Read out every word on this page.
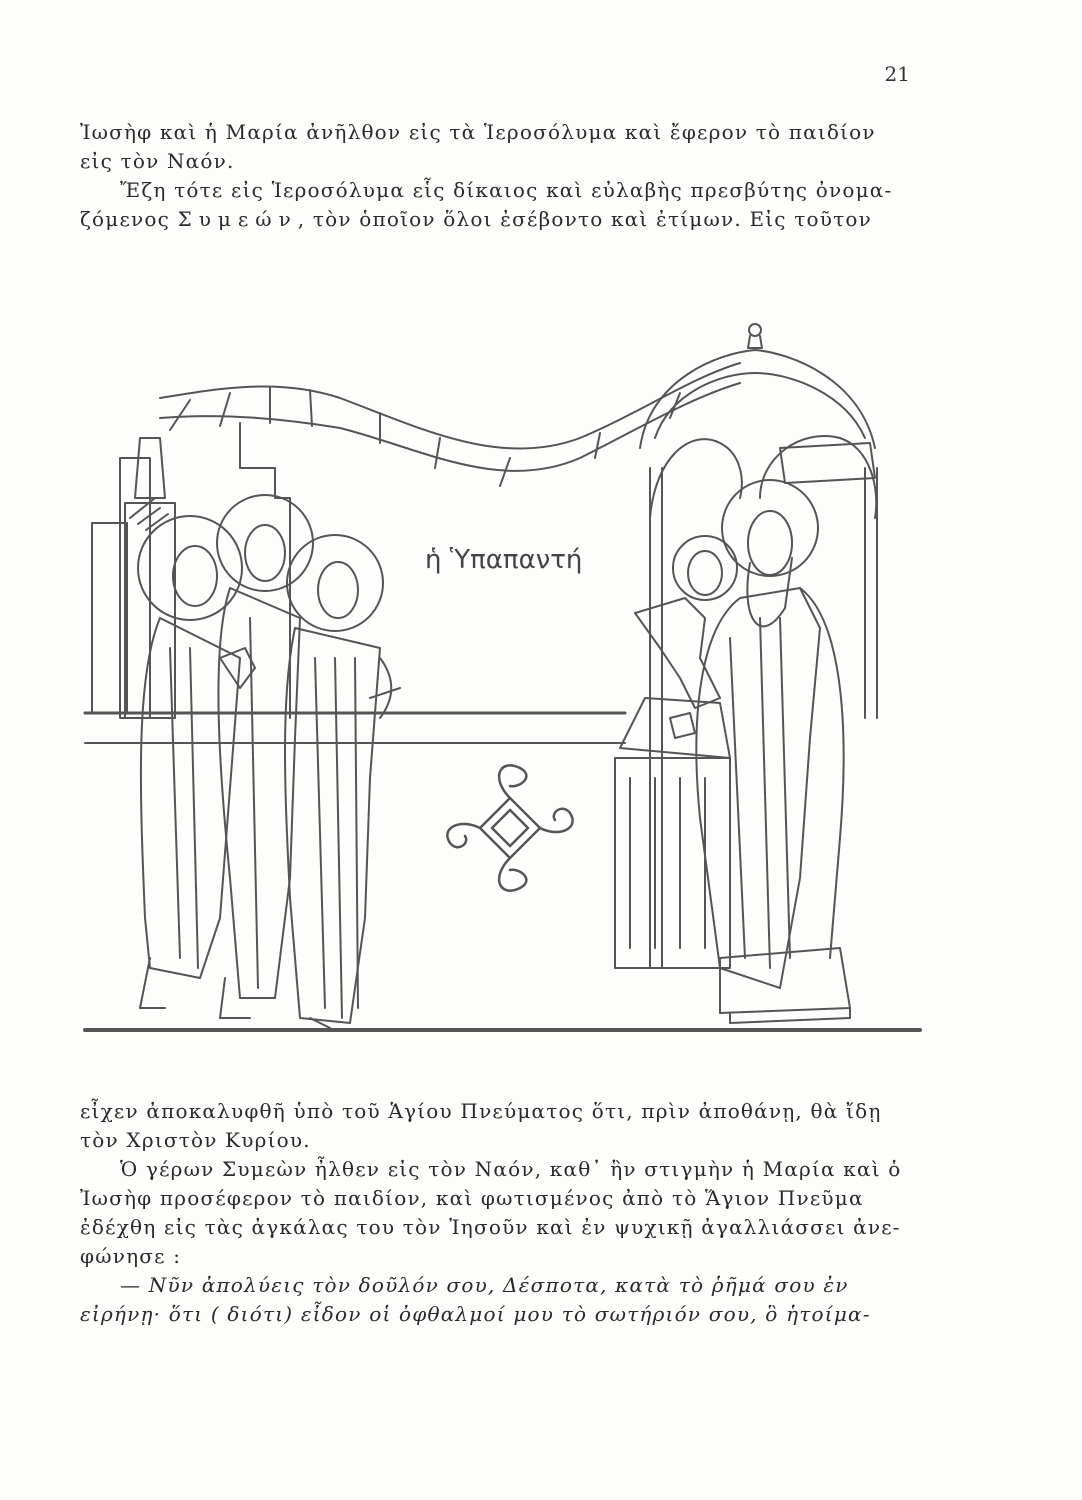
21

Ἰωσὴφ καὶ ἡ Μαρία ἀνῆλθον εἰς τὰ Ἱεροσόλυμα καὶ ἔφερον τὸ παιδίον
εἰς τὸν Ναόν.

Ἔζη τότε εἰς Ἱεροσόλυμα εἷς δίκαιος καὶ εὐλαβὴς πρεσβύτης ὀνομα-
ζόμενος Συμεών, τὸν ὁποῖον ὅλοι ἐσέβοντο καὶ ἐτίμων. Εἰς τοῦτον

ἡ Ὑπαπαντή

εἶχεν ἀποκαλυφθῆ ὑπὸ τοῦ Ἁγίου Πνεύματος ὅτι, πρὶν ἀποθάνῃ, θὰ ἴδῃ
τὸν Χριστὸν Κυρίου.

Ὁ γέρων Συμεὼν ἦλθεν εἰς τὸν Ναόν, καθ᾽ ἣν στιγμὴν ἡ Μαρία καὶ ὁ
Ἰωσὴφ προσέφερον τὸ παιδίον, καὶ φωτισμένος ἀπὸ τὸ Ἅγιον Πνεῦμα
ἐδέχθη εἰς τὰς ἀγκάλας του τὸν Ἰησοῦν καὶ ἐν ψυχικῇ ἀγαλλιάσσει ἀνε-
φώνησε :

— Νῦν ἀπολύεις τὸν δοῦλόν σου, Δέσποτα, κατὰ τὸ ῥῆμά σου ἐν
εἰρήνῃ· ὅτι ( διότι) εἶδον οἱ ὀφθαλμοί μου τὸ σωτήριόν σου, ὃ ἡτοίμα-
